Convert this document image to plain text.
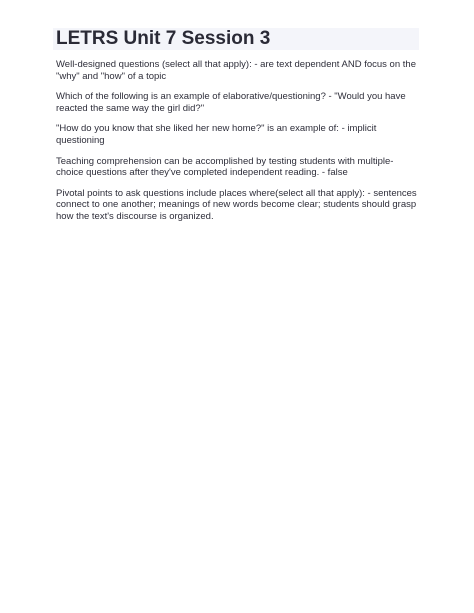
LETRS Unit 7 Session 3

Well-designed questions (select all that apply): - are text dependent AND focus on the "why" and "how" of a topic

Which of the following is an example of elaborative/questioning? - "Would you have reacted the same way the girl did?"

"How do you know that she liked her new home?" is an example of: - implicit questioning

Teaching comprehension can be accomplished by testing students with multiple-choice questions after they've completed independent reading. - false

Pivotal points to ask questions include places where(select all that apply): - sentences connect to one another; meanings of new words become clear; students should grasp how the text's discourse is organized.
